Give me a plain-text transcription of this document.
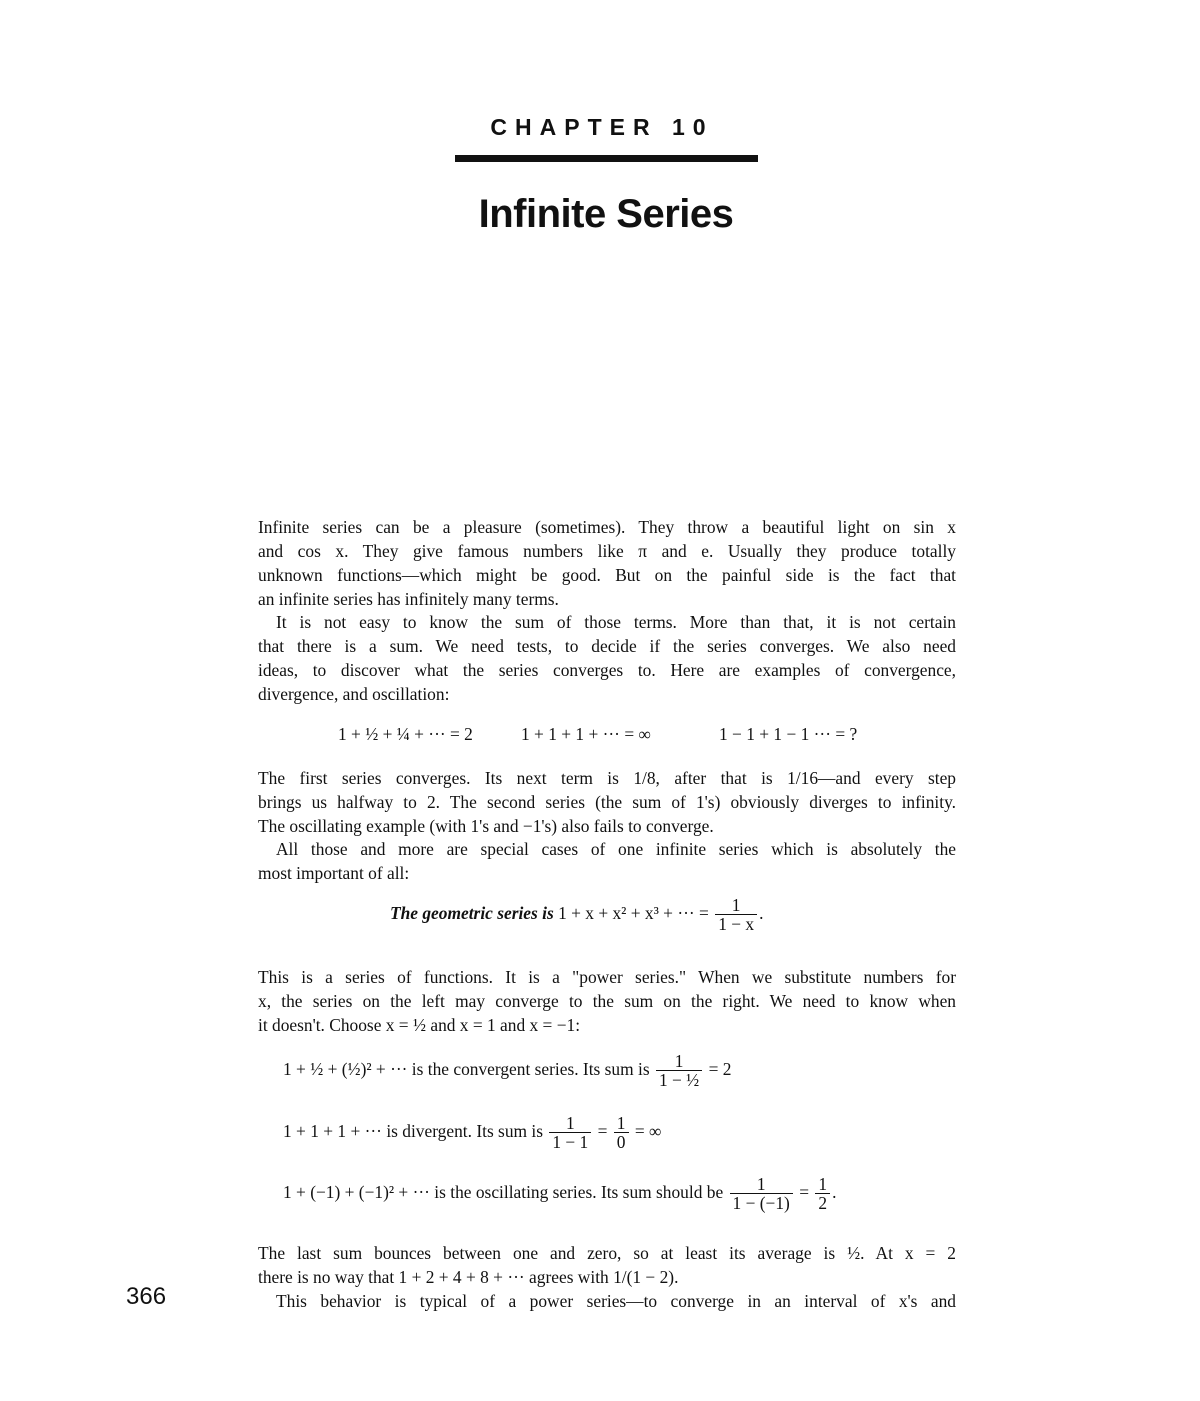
CHAPTER 10
Infinite Series
Infinite series can be a pleasure (sometimes). They throw a beautiful light on sin x
and cos x. They give famous numbers like π and e. Usually they produce totally
unknown functions—which might be good. But on the painful side is the fact that
an infinite series has infinitely many terms.
It is not easy to know the sum of those terms. More than that, it is not certain
that there is a sum. We need tests, to decide if the series converges. We also need
ideas, to discover what the series converges to. Here are examples of convergence,
divergence, and oscillation:
1 + ½ + ¼ + ··· = 2	1 + 1 + 1 + ··· = ∞	1 − 1 + 1 − 1 ··· = ?
The first series converges. Its next term is 1/8, after that is 1/16—and every step
brings us halfway to 2. The second series (the sum of 1's) obviously diverges to infinity.
The oscillating example (with 1's and −1's) also fails to converge.
All those and more are special cases of one infinite series which is absolutely the
most important of all:
The geometric series is 1 + x + x² + x³ + ··· = $\frac{1}{1 - x}$ .
This is a series of functions. It is a "power series." When we substitute numbers for
x, the series on the left may converge to the sum on the right. We need to know when
it doesn't. Choose x = ½ and x = 1 and x = −1:
1 + ½ + (½)² + ··· is the convergent series. Its sum is $\frac{1}{\text{1 − ½}} = 2$
1 + 1 + 1 + ··· is divergent. Its sum is $\frac{1}{1 - 1} = \frac{1}{0}$ = ∞
1 + (−1) + (−1)² + ··· is the oscillating series. Its sum should be $\frac{1}{1 - (-1)} = \frac{1}{2}$ .
The last sum bounces between one and zero, so at least its average is ½. At x = 2
there is no way that 1 + 2 + 4 + 8 + ··· agrees with 1/(1 − 2).
This behavior is typical of a power series—to converge in an interval of x's and
366
